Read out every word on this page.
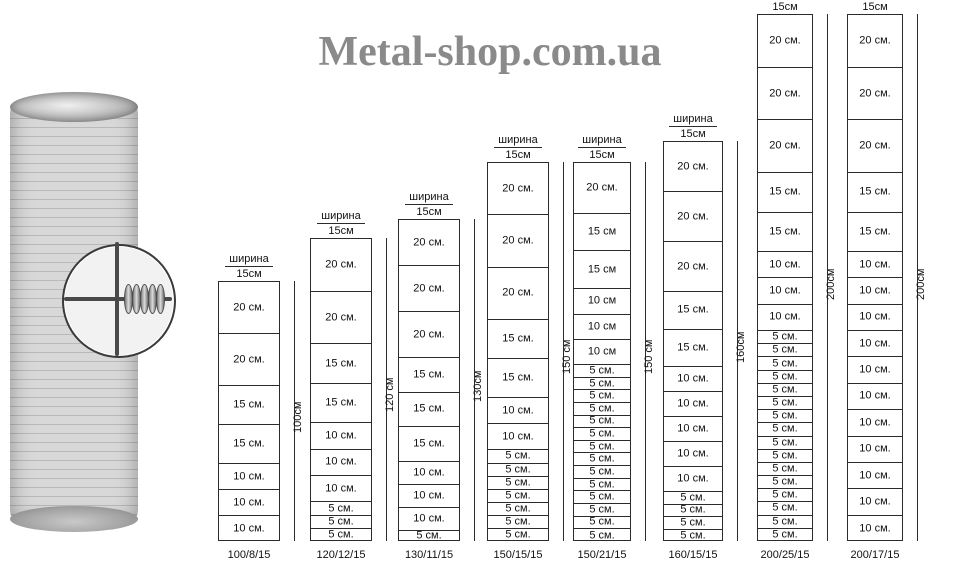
Metal-shop.com.ua
ширина
15см
20 см.
20 см.
15 см.
15 см.
10 см.
10 см.
10 см.
100см
100/8/15
ширина
15см
20 см.
20 см.
15 см.
15 см.
10 см.
10 см.
10 см.
5 см.
5 см.
5 см.
120 см
120/12/15
ширина
15см
20 см.
20 см.
20 см.
15 см.
15 см.
15 см.
10 см.
10 см.
10 см.
5 см.
130см
130/11/15
ширина
15см
20 см.
20 см.
20 см.
15 см.
15 см.
10 см.
10 см.
5 см.
5 см.
5 см.
5 см.
5 см.
5 см.
5 см.
150 см
150/15/15
ширина
15см
20 см.
15 см
15 см
10 см
10 см
10 см
5 см.
5 см.
5 см.
5 см.
5 см.
5 см.
5 см.
5 см.
5 см.
5 см.
5 см.
5 см.
5 см.
5 см.
150 см
150/21/15
ширина
15см
20 см.
20 см.
20 см.
15 см.
15 см.
10 см.
10 см.
10 см.
10 см.
10 см.
5 см.
5 см.
5 см.
5 см.
160см
160/15/15
15см
20 см.
20 см.
20 см.
15 см.
15 см.
10 см.
10 см.
10 см.
5 см.
5 см.
5 см.
5 см.
5 см.
5 см.
5 см.
5 см.
5 см.
5 см.
5 см.
5 см.
5 см.
5 см.
5 см.
5 см.
200см
200/25/15
15см
20 см.
20 см.
20 см.
15 см.
15 см.
10 см.
10 см.
10 см.
10 см.
10 см.
10 см.
10 см.
10 см.
10 см.
10 см.
10 см.
200см
200/17/15
